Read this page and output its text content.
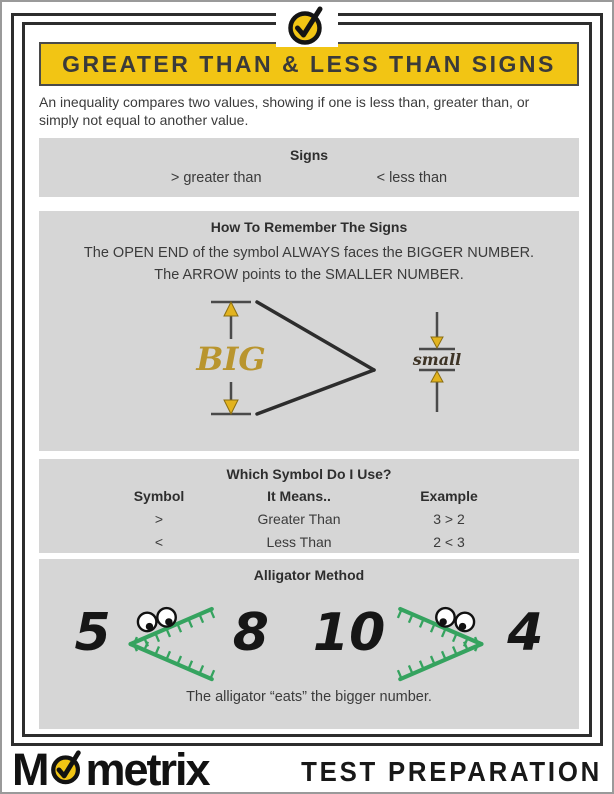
GREATER THAN & LESS THAN SIGNS

An inequality compares two values, showing if one is less than, greater than, or simply not equal to another value.

Signs
> greater than	< less than
How To Remember The Signs
The OPEN END of the symbol ALWAYS faces the BIGGER NUMBER.
The ARROW points to the SMALLER NUMBER.
BIG	small
Which Symbol Do I Use?
Symbol	It Means..	Example
>	Greater Than	3 > 2
<	Less Than	2 < 3
Alligator Method
5 8 10 4
The alligator “eats” the bigger number.
M metrix	TEST PREPARATION
